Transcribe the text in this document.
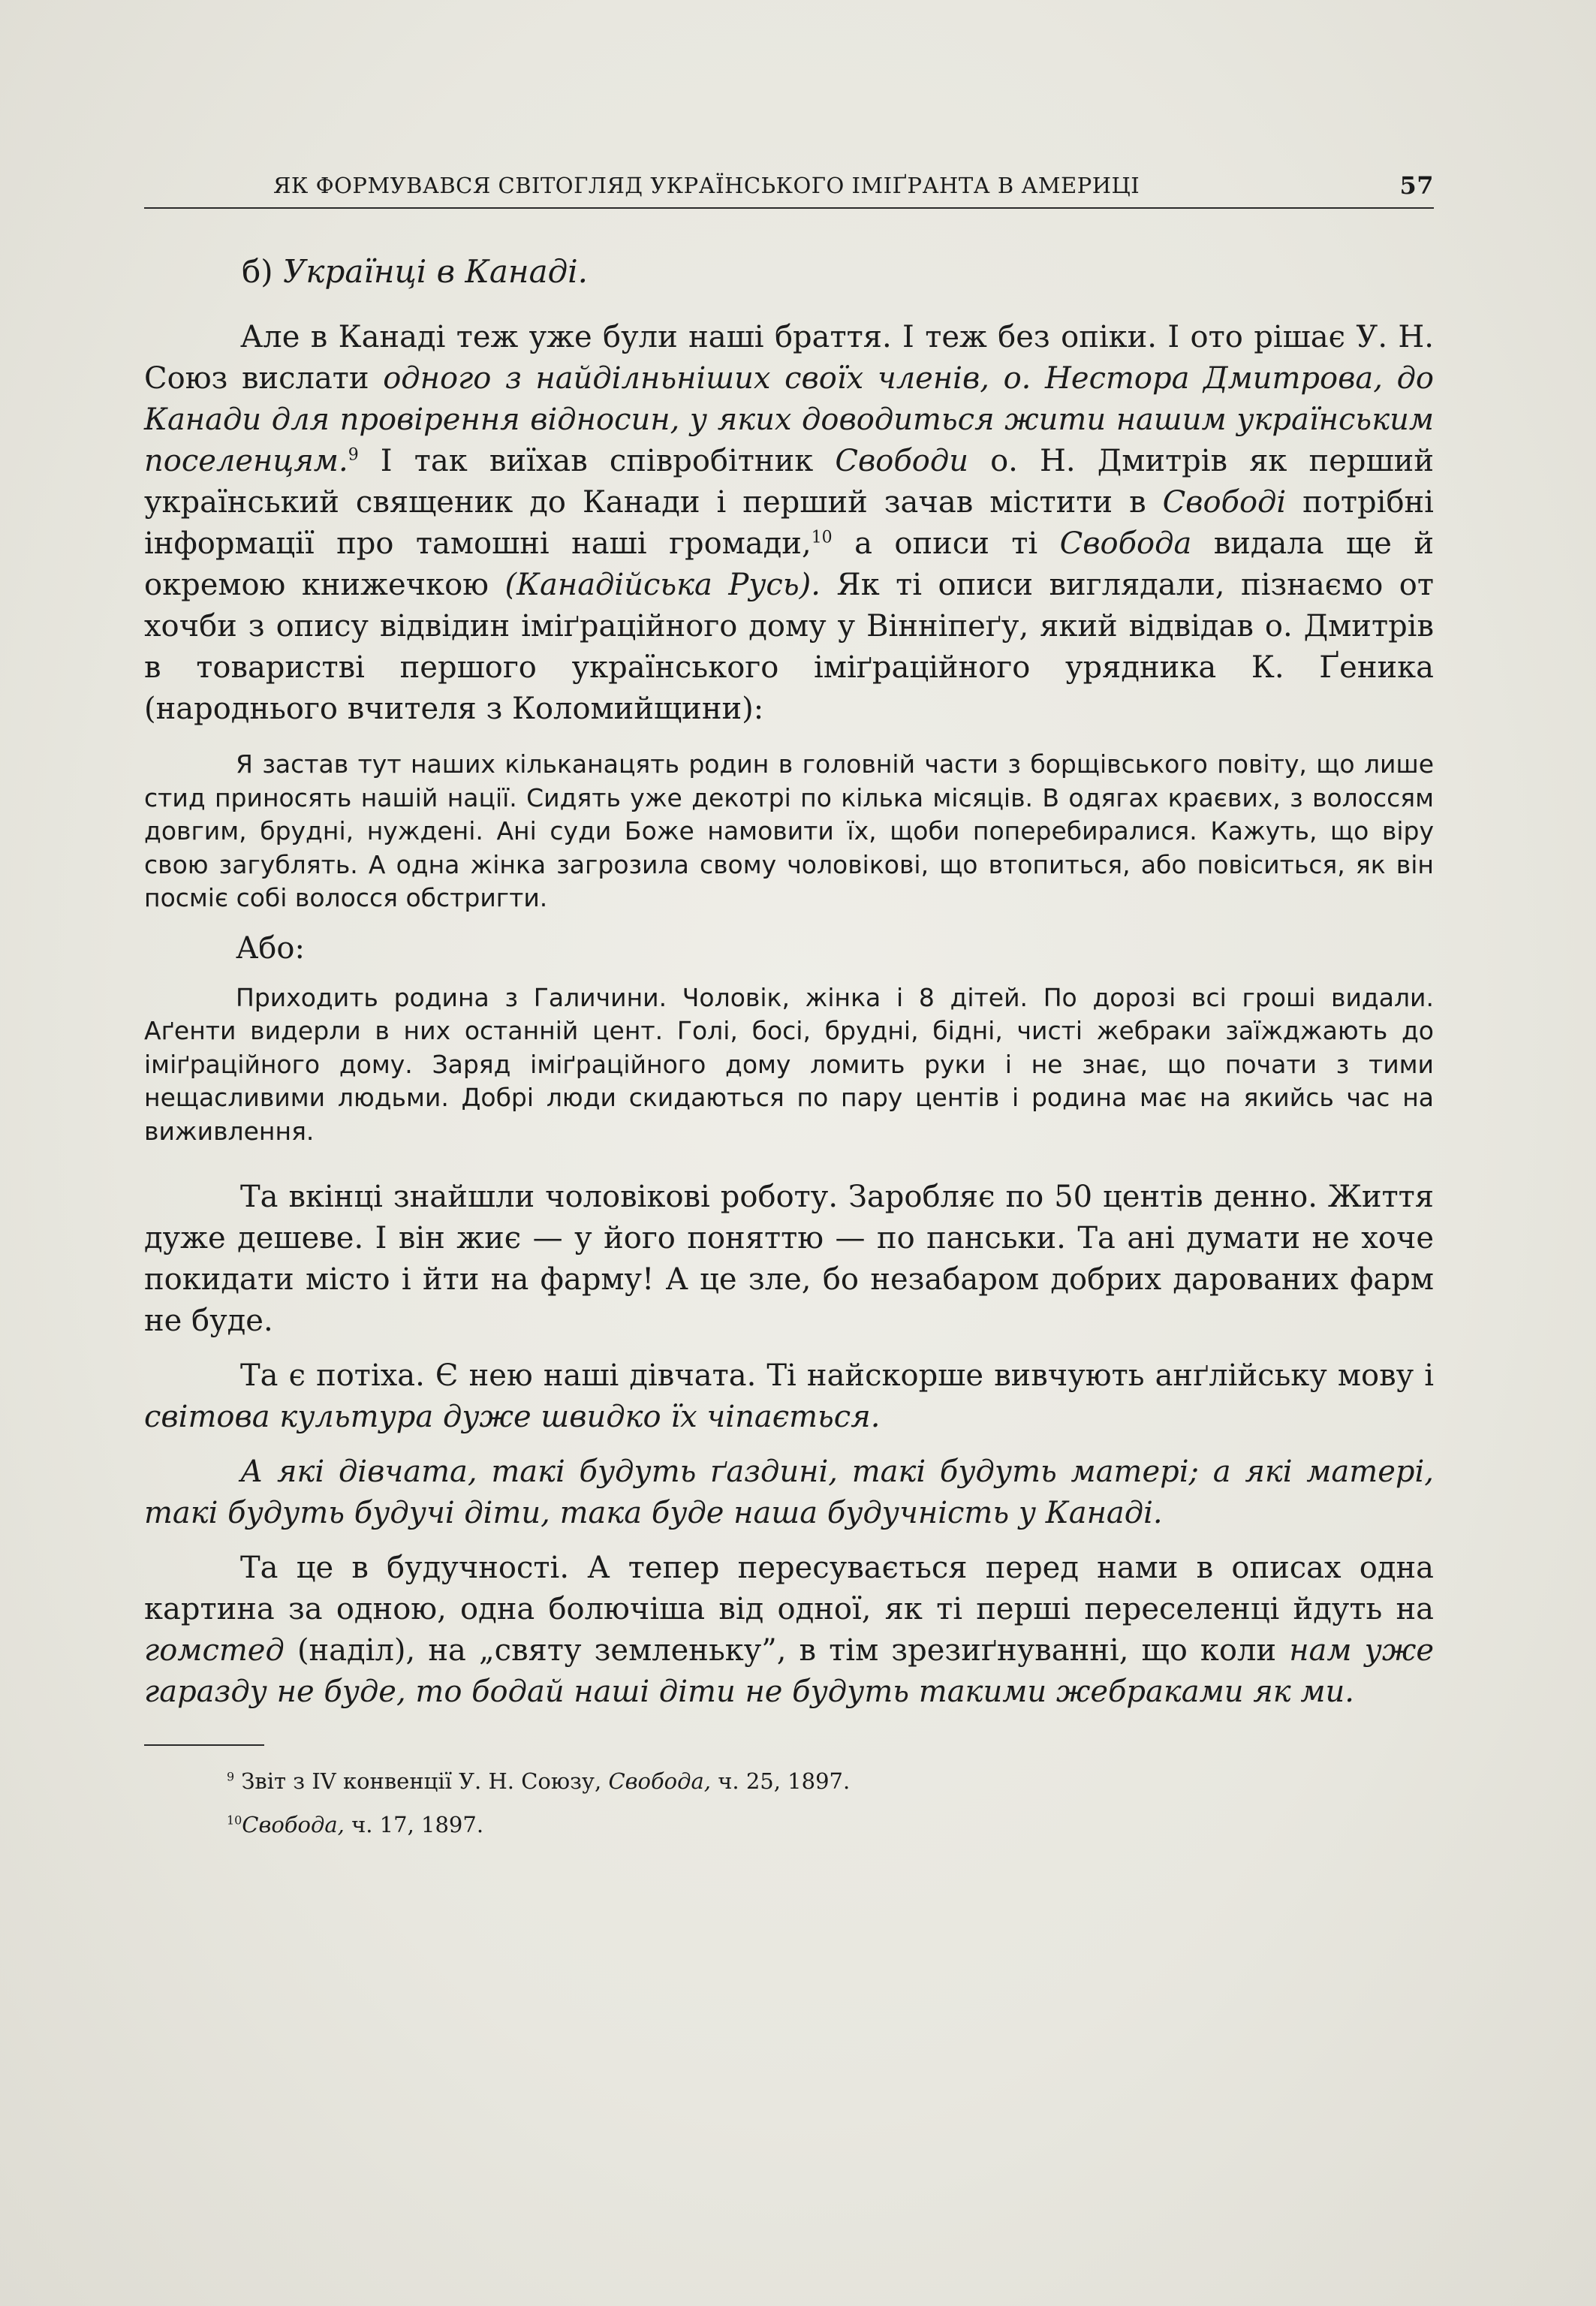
ЯК ФОРМУВАВСЯ СВІТОГЛЯД УКРАЇНСЬКОГО ІМІҐРАНТА В АМЕРИЦІ	57

б) Українці в Канаді.

Але в Канаді теж уже були наші браття. І теж без опіки. І ото рішає У. Н. Союз вислати одного з найділньніших своїх членів, о. Нестора Дмитрова, до Канади для провірення відносин, у яких доводиться жити нашим українським поселенцям.$^9$ І так виїхав співробітник Свободи о. Н. Дмитрів як перший український священик до Канади і перший зачав містити в Свободі потрібні інформації про тамошні наші громади,$^{10}$ а описи ті Свобода видала ще й окремою книжечкою (Канадійська Русь). Як ті описи виглядали, пізнаємо от хочби з опису відвідин іміґраційного дому у Вінніпеґу, який відвідав о. Дмитрів в товаристві першого українського іміґраційного урядника К. Ґеника (народнього вчителя з Коломийщини):

Я застав тут наших кільканацять родин в головній части з борщівського повіту, що лише стид приносять нашій нації. Сидять уже декотрі по кілька місяців. В одягах краєвих, з волоссям довгим, брудні, нуждені. Ані суди Боже намовити їх, щоби поперебиралися. Кажуть, що віру свою загублять. А одна жінка загрозила свому чоловікові, що втопиться, або повіситься, як він посміє собі волосся обстригти.

Або:

Приходить родина з Галичини. Чоловік, жінка і 8 дітей. По дорозі всі гроші видали. Аґенти видерли в них останній цент. Голі, босі, брудні, бідні, чисті жебраки заїжджають до іміґраційного дому. Заряд іміґраційного дому ломить руки і не знає, що почати з тими нещасливими людьми. Добрі люди скидаються по пару центів і родина має на якийсь час на виживлення.

Та вкінці знайшли чоловікові роботу. Заробляє по 50 центів денно. Життя дуже дешеве. І він жиє — у його поняттю — по панськи. Та ані думати не хоче покидати місто і йти на фарму! А це зле, бо незабаром добрих дарованих фарм не буде.

Та є потіха. Є нею наші дівчата. Ті найскорше вивчують анґлійську мову і світова культура дуже швидко їх чіпається.

А які дівчата, такі будуть ґаздині, такі будуть матері; а які матері, такі будуть будучі діти, така буде наша будучність у Канаді.

Та це в будучності. А тепер пересувається перед нами в описах одна картина за одною, одна болючіша від одної, як ті перші переселенці йдуть на гомстед (наділ), на „святу земленьку”, в тім зрезиґнуванні, що коли нам уже гаразду не буде, то бодай наші діти не будуть такими жебраками як ми.

$^9$ Звіт з IV конвенції У. Н. Союзу, Свобода, ч. 25, 1897.

$^{10}$Свобода, ч. 17, 1897.
